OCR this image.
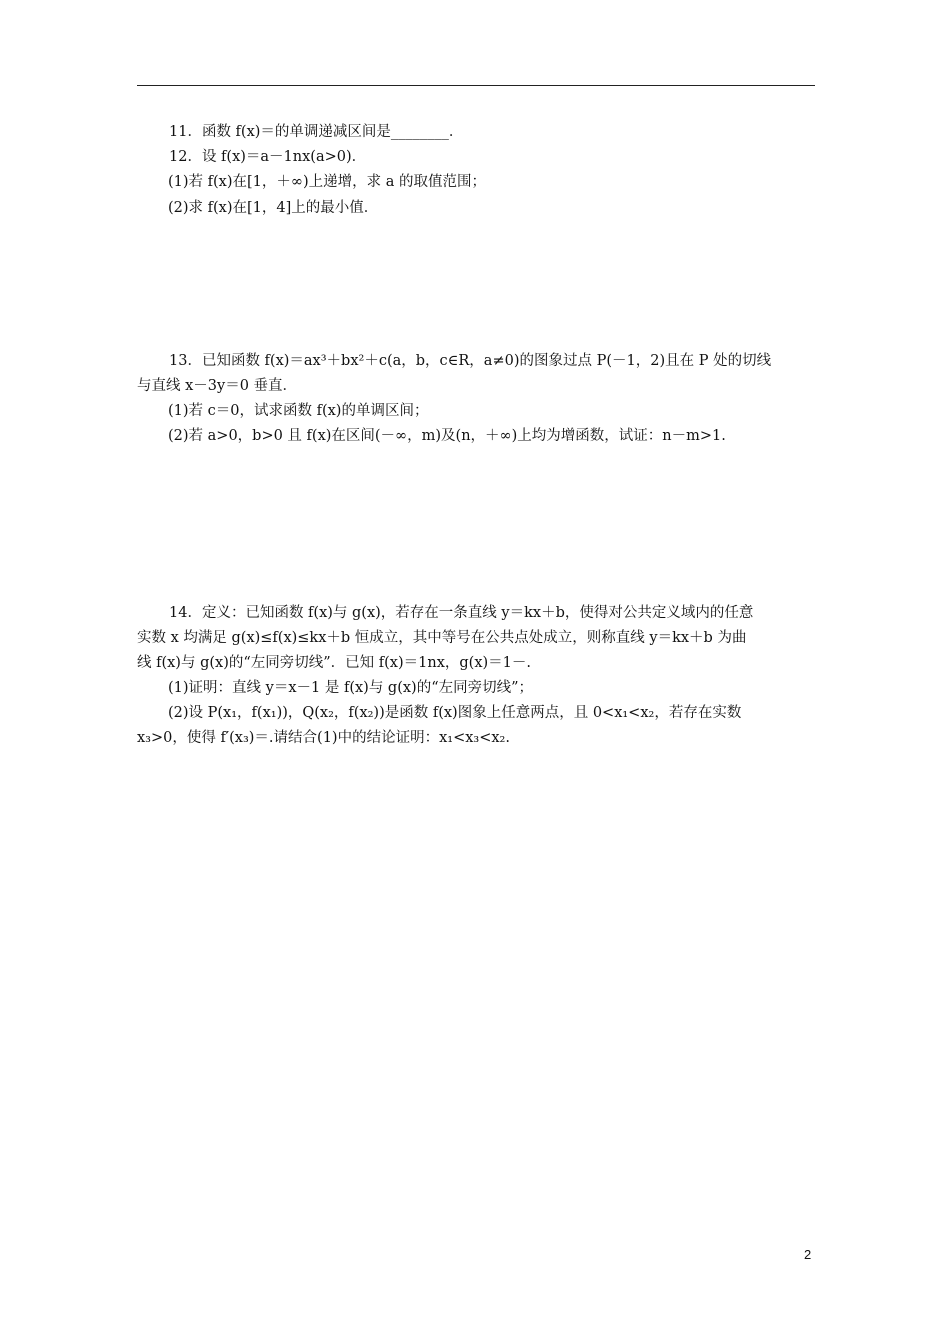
11．函数 f(x)＝的单调递减区间是________．
12．设 f(x)＝a－1nx(a>0)．
(1)若 f(x)在[1，＋∞)上递增，求 a 的取值范围；
(2)求 f(x)在[1，4]上的最小值．
13．已知函数 f(x)＝ax³＋bx²＋c(a，b，c∈R，a≠0)的图象过点 P(－1，2)且在 P 处的切线
与直线 x－3y＝0 垂直．
(1)若 c＝0，试求函数 f(x)的单调区间；
(2)若 a>0，b>0 且 f(x)在区间(－∞，m)及(n，＋∞)上均为增函数，试证：n－m>1.
14．定义：已知函数 f(x)与 g(x)，若存在一条直线 y＝kx＋b，使得对公共定义域内的任意
实数 x 均满足 g(x)≤f(x)≤kx＋b 恒成立，其中等号在公共点处成立，则称直线 y＝kx＋b 为曲
线 f(x)与 g(x)的“左同旁切线”．已知 f(x)＝1nx，g(x)＝1－.
(1)证明：直线 y＝x－1 是 f(x)与 g(x)的“左同旁切线”；
(2)设 P(x₁，f(x₁))，Q(x₂，f(x₂))是函数 f(x)图象上任意两点，且 0<x₁<x₂，若存在实数
x₃>0，使得 f′(x₃)＝.请结合(1)中的结论证明：x₁<x₃<x₂.
2
